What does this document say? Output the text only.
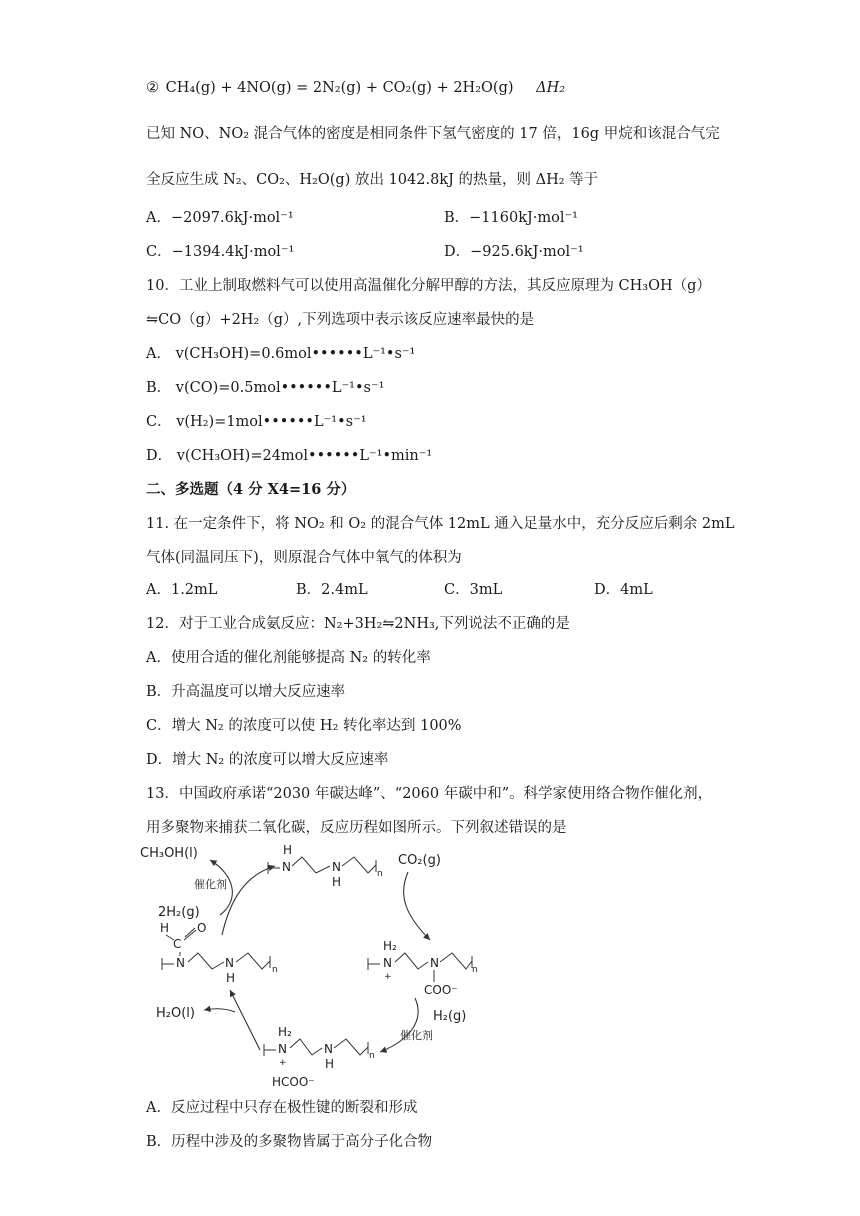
② CH₄(g) + 4NO(g) = 2N₂(g) + CO₂(g) + 2H₂O(g) ΔH₂
已知 NO、NO₂ 混合气体的密度是相同条件下氢气密度的 17 倍，16g 甲烷和该混合气完
全反应生成 N₂、CO₂、H₂O(g) 放出 1042.8kJ 的热量，则 ΔH₂ 等于
A．−2097.6kJ·mol⁻¹	B．−1160kJ·mol⁻¹
C．−1394.4kJ·mol⁻¹	D．−925.6kJ·mol⁻¹
10．工业上制取燃料气可以使用高温催化分解甲醇的方法，其反应原理为 CH₃OH（g）
⇋CO（g）+2H₂（g）,下列选项中表示该反应速率最快的是
A． v(CH₃OH)=0.6mol••••••L⁻¹•s⁻¹
B． v(CO)=0.5mol••••••L⁻¹•s⁻¹
C． v(H₂)=1mol••••••L⁻¹•s⁻¹
D． v(CH₃OH)=24mol••••••L⁻¹•min⁻¹
二、多选题（4 分 X4=16 分）
11. 在一定条件下，将 NO₂ 和 O₂ 的混合气体 12mL 通入足量水中，充分反应后剩余 2mL
气体(同温同压下)，则原混合气体中氧气的体积为
A．1.2mL	B．2.4mL	C．3mL	D．4mL
12．对于工业合成氨反应：N₂+3H₂⇋2NH₃,下列说法不正确的是
A．使用合适的催化剂能够提高 N₂ 的转化率
B．升高温度可以增大反应速率
C．增大 N₂ 的浓度可以使 H₂ 转化率达到 100%
D．增大 N₂ 的浓度可以增大反应速率
13．中国政府承诺“2030 年碳达峰”、“2060 年碳中和”。科学家使用络合物作催化剂，
用多聚物来捕获二氧化碳，反应历程如图所示。下列叙述错误的是
CH₃OH(l)
催化剂
2H₂(g)
H
N	N
H
n
CO₂(g)
H O
C
N	N
H
n
H₂
N
+
N
COO⁻
n
H₂(g)
催化剂
H₂O(l)
H₂
N
+
N
H
n
HCOO⁻
A．反应过程中只存在极性键的断裂和形成
B．历程中涉及的多聚物皆属于高分子化合物
